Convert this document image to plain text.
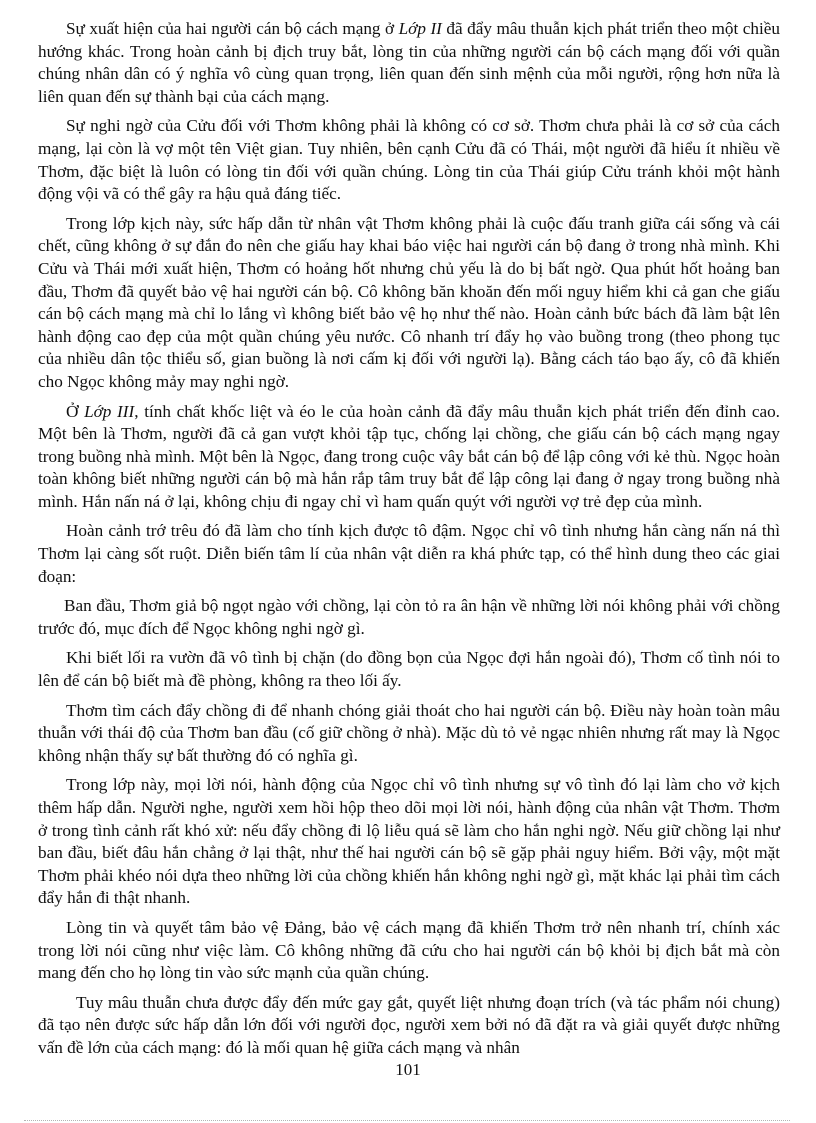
Sự xuất hiện của hai người cán bộ cách mạng ở Lớp II đã đẩy mâu thuẫn kịch phát triển theo một chiều hướng khác. Trong hoàn cảnh bị địch truy bắt, lòng tin của những người cán bộ cách mạng đối với quần chúng nhân dân có ý nghĩa vô cùng quan trọng, liên quan đến sinh mệnh của mỗi người, rộng hơn nữa là liên quan đến sự thành bại của cách mạng.

Sự nghi ngờ của Cửu đối với Thơm không phải là không có cơ sở. Thơm chưa phải là cơ sở của cách mạng, lại còn là vợ một tên Việt gian. Tuy nhiên, bên cạnh Cửu đã có Thái, một người đã hiểu ít nhiều về Thơm, đặc biệt là luôn có lòng tin đối với quần chúng. Lòng tin của Thái giúp Cửu tránh khỏi một hành động vội vã có thể gây ra hậu quả đáng tiếc.

Trong lớp kịch này, sức hấp dẫn từ nhân vật Thơm không phải là cuộc đấu tranh giữa cái sống và cái chết, cũng không ở sự đắn đo nên che giấu hay khai báo việc hai người cán bộ đang ở trong nhà mình. Khi Cửu và Thái mới xuất hiện, Thơm có hoảng hốt nhưng chủ yếu là do bị bất ngờ. Qua phút hốt hoảng ban đầu, Thơm đã quyết bảo vệ hai người cán bộ. Cô không băn khoăn đến mối nguy hiểm khi cả gan che giấu cán bộ cách mạng mà chỉ lo lắng vì không biết bảo vệ họ như thế nào. Hoàn cảnh bức bách đã làm bật lên hành động cao đẹp của một quần chúng yêu nước. Cô nhanh trí đẩy họ vào buồng trong (theo phong tục của nhiều dân tộc thiểu số, gian buồng là nơi cấm kị đối với người lạ). Bằng cách táo bạo ấy, cô đã khiến cho Ngọc không mảy may nghi ngờ.

Ở Lớp III, tính chất khốc liệt và éo le của hoàn cảnh đã đẩy mâu thuẫn kịch phát triển đến đỉnh cao. Một bên là Thơm, người đã cả gan vượt khỏi tập tục, chống lại chồng, che giấu cán bộ cách mạng ngay trong buồng nhà mình. Một bên là Ngọc, đang trong cuộc vây bắt cán bộ để lập công với kẻ thù. Ngọc hoàn toàn không biết những người cán bộ mà hắn rắp tâm truy bắt để lập công lại đang ở ngay trong buồng nhà mình. Hắn nấn ná ở lại, không chịu đi ngay chỉ vì ham quấn quýt với người vợ trẻ đẹp của mình.

Hoàn cảnh trớ trêu đó đã làm cho tính kịch được tô đậm. Ngọc chỉ vô tình nhưng hắn càng nấn ná thì Thơm lại càng sốt ruột. Diễn biến tâm lí của nhân vật diễn ra khá phức tạp, có thể hình dung theo các giai đoạn:

Ban đầu, Thơm giả bộ ngọt ngào với chồng, lại còn tỏ ra ân hận về những lời nói không phải với chồng trước đó, mục đích để Ngọc không nghi ngờ gì.

Khi biết lối ra vườn đã vô tình bị chặn (do đồng bọn của Ngọc đợi hắn ngoài đó), Thơm cố tình nói to lên để cán bộ biết mà đề phòng, không ra theo lối ấy.

Thơm tìm cách đẩy chồng đi để nhanh chóng giải thoát cho hai người cán bộ. Điều này hoàn toàn mâu thuẫn với thái độ của Thơm ban đầu (cố giữ chồng ở nhà). Mặc dù tỏ vẻ ngạc nhiên nhưng rất may là Ngọc không nhận thấy sự bất thường đó có nghĩa gì.

Trong lớp này, mọi lời nói, hành động của Ngọc chỉ vô tình nhưng sự vô tình đó lại làm cho vở kịch thêm hấp dẫn. Người nghe, người xem hồi hộp theo dõi mọi lời nói, hành động của nhân vật Thơm. Thơm ở trong tình cảnh rất khó xử: nếu đẩy chồng đi lộ liễu quá sẽ làm cho hắn nghi ngờ. Nếu giữ chồng lại như ban đầu, biết đâu hắn chẳng ở lại thật, như thế hai người cán bộ sẽ gặp phải nguy hiểm. Bởi vậy, một mặt Thơm phải khéo nói dựa theo những lời của chồng khiến hắn không nghi ngờ gì, mặt khác lại phải tìm cách đẩy hắn đi thật nhanh.

Lòng tin và quyết tâm bảo vệ Đảng, bảo vệ cách mạng đã khiến Thơm trở nên nhanh trí, chính xác trong lời nói cũng như việc làm. Cô không những đã cứu cho hai người cán bộ khỏi bị địch bắt mà còn mang đến cho họ lòng tin vào sức mạnh của quần chúng.

Tuy mâu thuẫn chưa được đẩy đến mức gay gắt, quyết liệt nhưng đoạn trích (và tác phẩm nói chung) đã tạo nên được sức hấp dẫn lớn đối với người đọc, người xem bởi nó đã đặt ra và giải quyết được những vấn đề lớn của cách mạng: đó là mối quan hệ giữa cách mạng và nhân

101
